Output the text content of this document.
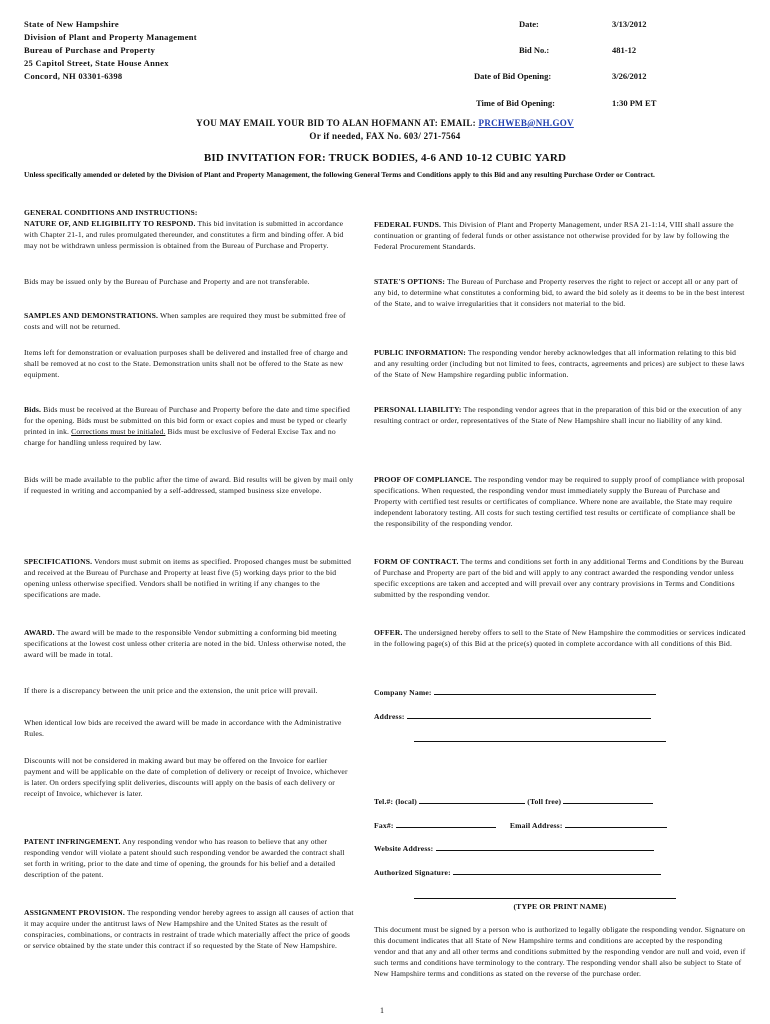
State of New Hampshire
Division of Plant and Property Management
Bureau of Purchase and Property
25 Capitol Street, State House Annex
Concord, NH 03301-6398
Date:	3/13/2012
Bid No.:	481-12
Date of Bid Opening:	3/26/2012
Time of Bid Opening:	1:30 PM ET
YOU MAY EMAIL YOUR BID TO ALAN HOFMANN AT: EMAIL: PRCHWEB@NH.GOV
Or if needed, FAX No. 603/ 271-7564
BID INVITATION FOR: TRUCK BODIES, 4-6 AND 10-12 CUBIC YARD
Unless specifically amended or deleted by the Division of Plant and Property Management, the following General Terms and Conditions apply to this Bid and any resulting Purchase Order or Contract.
GENERAL CONDITIONS AND INSTRUCTIONS:
NATURE OF, AND ELIGIBILITY TO RESPOND. This bid invitation is submitted in accordance with Chapter 21-1, and rules promulgated thereunder, and constitutes a firm and binding offer. A bid may not be withdrawn unless permission is obtained from the Bureau of Purchase and Property.
Bids may be issued only by the Bureau of Purchase and Property and are not transferable.
SAMPLES AND DEMONSTRATIONS. When samples are required they must be submitted free of costs and will not be returned.
Items left for demonstration or evaluation purposes shall be delivered and installed free of charge and shall be removed at no cost to the State. Demonstration units shall not be offered to the State as new equipment.
Bids. Bids must be received at the Bureau of Purchase and Property before the date and time specified for the opening. Bids must be submitted on this bid form or exact copies and must be typed or clearly printed in ink. Corrections must be initialed. Bids must be exclusive of Federal Excise Tax and no charge for handling unless required by law.
Bids will be made available to the public after the time of award. Bid results will be given by mail only if requested in writing and accompanied by a self-addressed, stamped business size envelope.
SPECIFICATIONS. Vendors must submit on items as specified. Proposed changes must be submitted and received at the Bureau of Purchase and Property at least five (5) working days prior to the bid opening unless otherwise specified. Vendors shall be notified in writing if any changes to the specifications are made.
AWARD. The award will be made to the responsible Vendor submitting a conforming bid meeting specifications at the lowest cost unless other criteria are noted in the bid. Unless otherwise noted, the award will be made in total.
If there is a discrepancy between the unit price and the extension, the unit price will prevail.
When identical low bids are received the award will be made in accordance with the Administrative Rules.
Discounts will not be considered in making award but may be offered on the Invoice for earlier payment and will be applicable on the date of completion of delivery or receipt of Invoice, whichever is later. On orders specifying split deliveries, discounts will apply on the basis of each delivery or receipt of Invoice, whichever is later.
PATENT INFRINGEMENT. Any responding vendor who has reason to believe that any other responding vendor will violate a patent should such responding vendor be awarded the contract shall set forth in writing, prior to the date and time of opening, the grounds for his belief and a detailed description of the patent.
ASSIGNMENT PROVISION. The responding vendor hereby agrees to assign all causes of action that it may acquire under the antitrust laws of New Hampshire and the United States as the result of conspiracies, combinations, or contracts in restraint of trade which materially affect the price of goods or service obtained by the state under this contract if so requested by the State of New Hampshire.
FEDERAL FUNDS. This Division of Plant and Property Management, under RSA 21-1:14, VIII shall assure the continuation or granting of federal funds or other assistance not otherwise provided for by law by following the Federal Procurement Standards.
STATE'S OPTIONS: The Bureau of Purchase and Property reserves the right to reject or accept all or any part of any bid, to determine what constitutes a conforming bid, to award the bid solely as it deems to be in the best interest of the State, and to waive irregularities that it considers not material to the bid.
PUBLIC INFORMATION: The responding vendor hereby acknowledges that all information relating to this bid and any resulting order (including but not limited to fees, contracts, agreements and prices) are subject to these laws of the State of New Hampshire regarding public information.
PERSONAL LIABILITY: The responding vendor agrees that in the preparation of this bid or the execution of any resulting contract or order, representatives of the State of New Hampshire shall incur no liability of any kind.
PROOF OF COMPLIANCE. The responding vendor may be required to supply proof of compliance with proposal specifications. When requested, the responding vendor must immediately supply the Bureau of Purchase and Property with certified test results or certificates of compliance. Where none are available, the State may require independent laboratory testing. All costs for such testing certified test results or certificate of compliance shall be the responsibility of the responding vendor.
FORM OF CONTRACT. The terms and conditions set forth in any additional Terms and Conditions by the Bureau of Purchase and Property are part of the bid and will apply to any contract awarded the responding vendor unless specific exceptions are taken and accepted and will prevail over any contrary provisions in Terms and Conditions submitted by the responding vendor.
OFFER. The undersigned hereby offers to sell to the State of New Hampshire the commodities or services indicated in the following page(s) of this Bid at the price(s) quoted in complete accordance with all conditions of this Bid.
Company Name:
Address:
Tel.#: (local)	(Toll free)
Fax#:	Email Address:
Website Address:
Authorized Signature:
(TYPE OR PRINT NAME)
This document must be signed by a person who is authorized to legally obligate the responding vendor. Signature on this document indicates that all State of New Hampshire terms and conditions are accepted by the responding vendor and that any and all other terms and conditions submitted by the responding vendor are null and void, even if such terms and conditions have terminology to the contrary. The responding vendor shall also be subject to State of New Hampshire terms and conditions as stated on the reverse of the purchase order.
1
